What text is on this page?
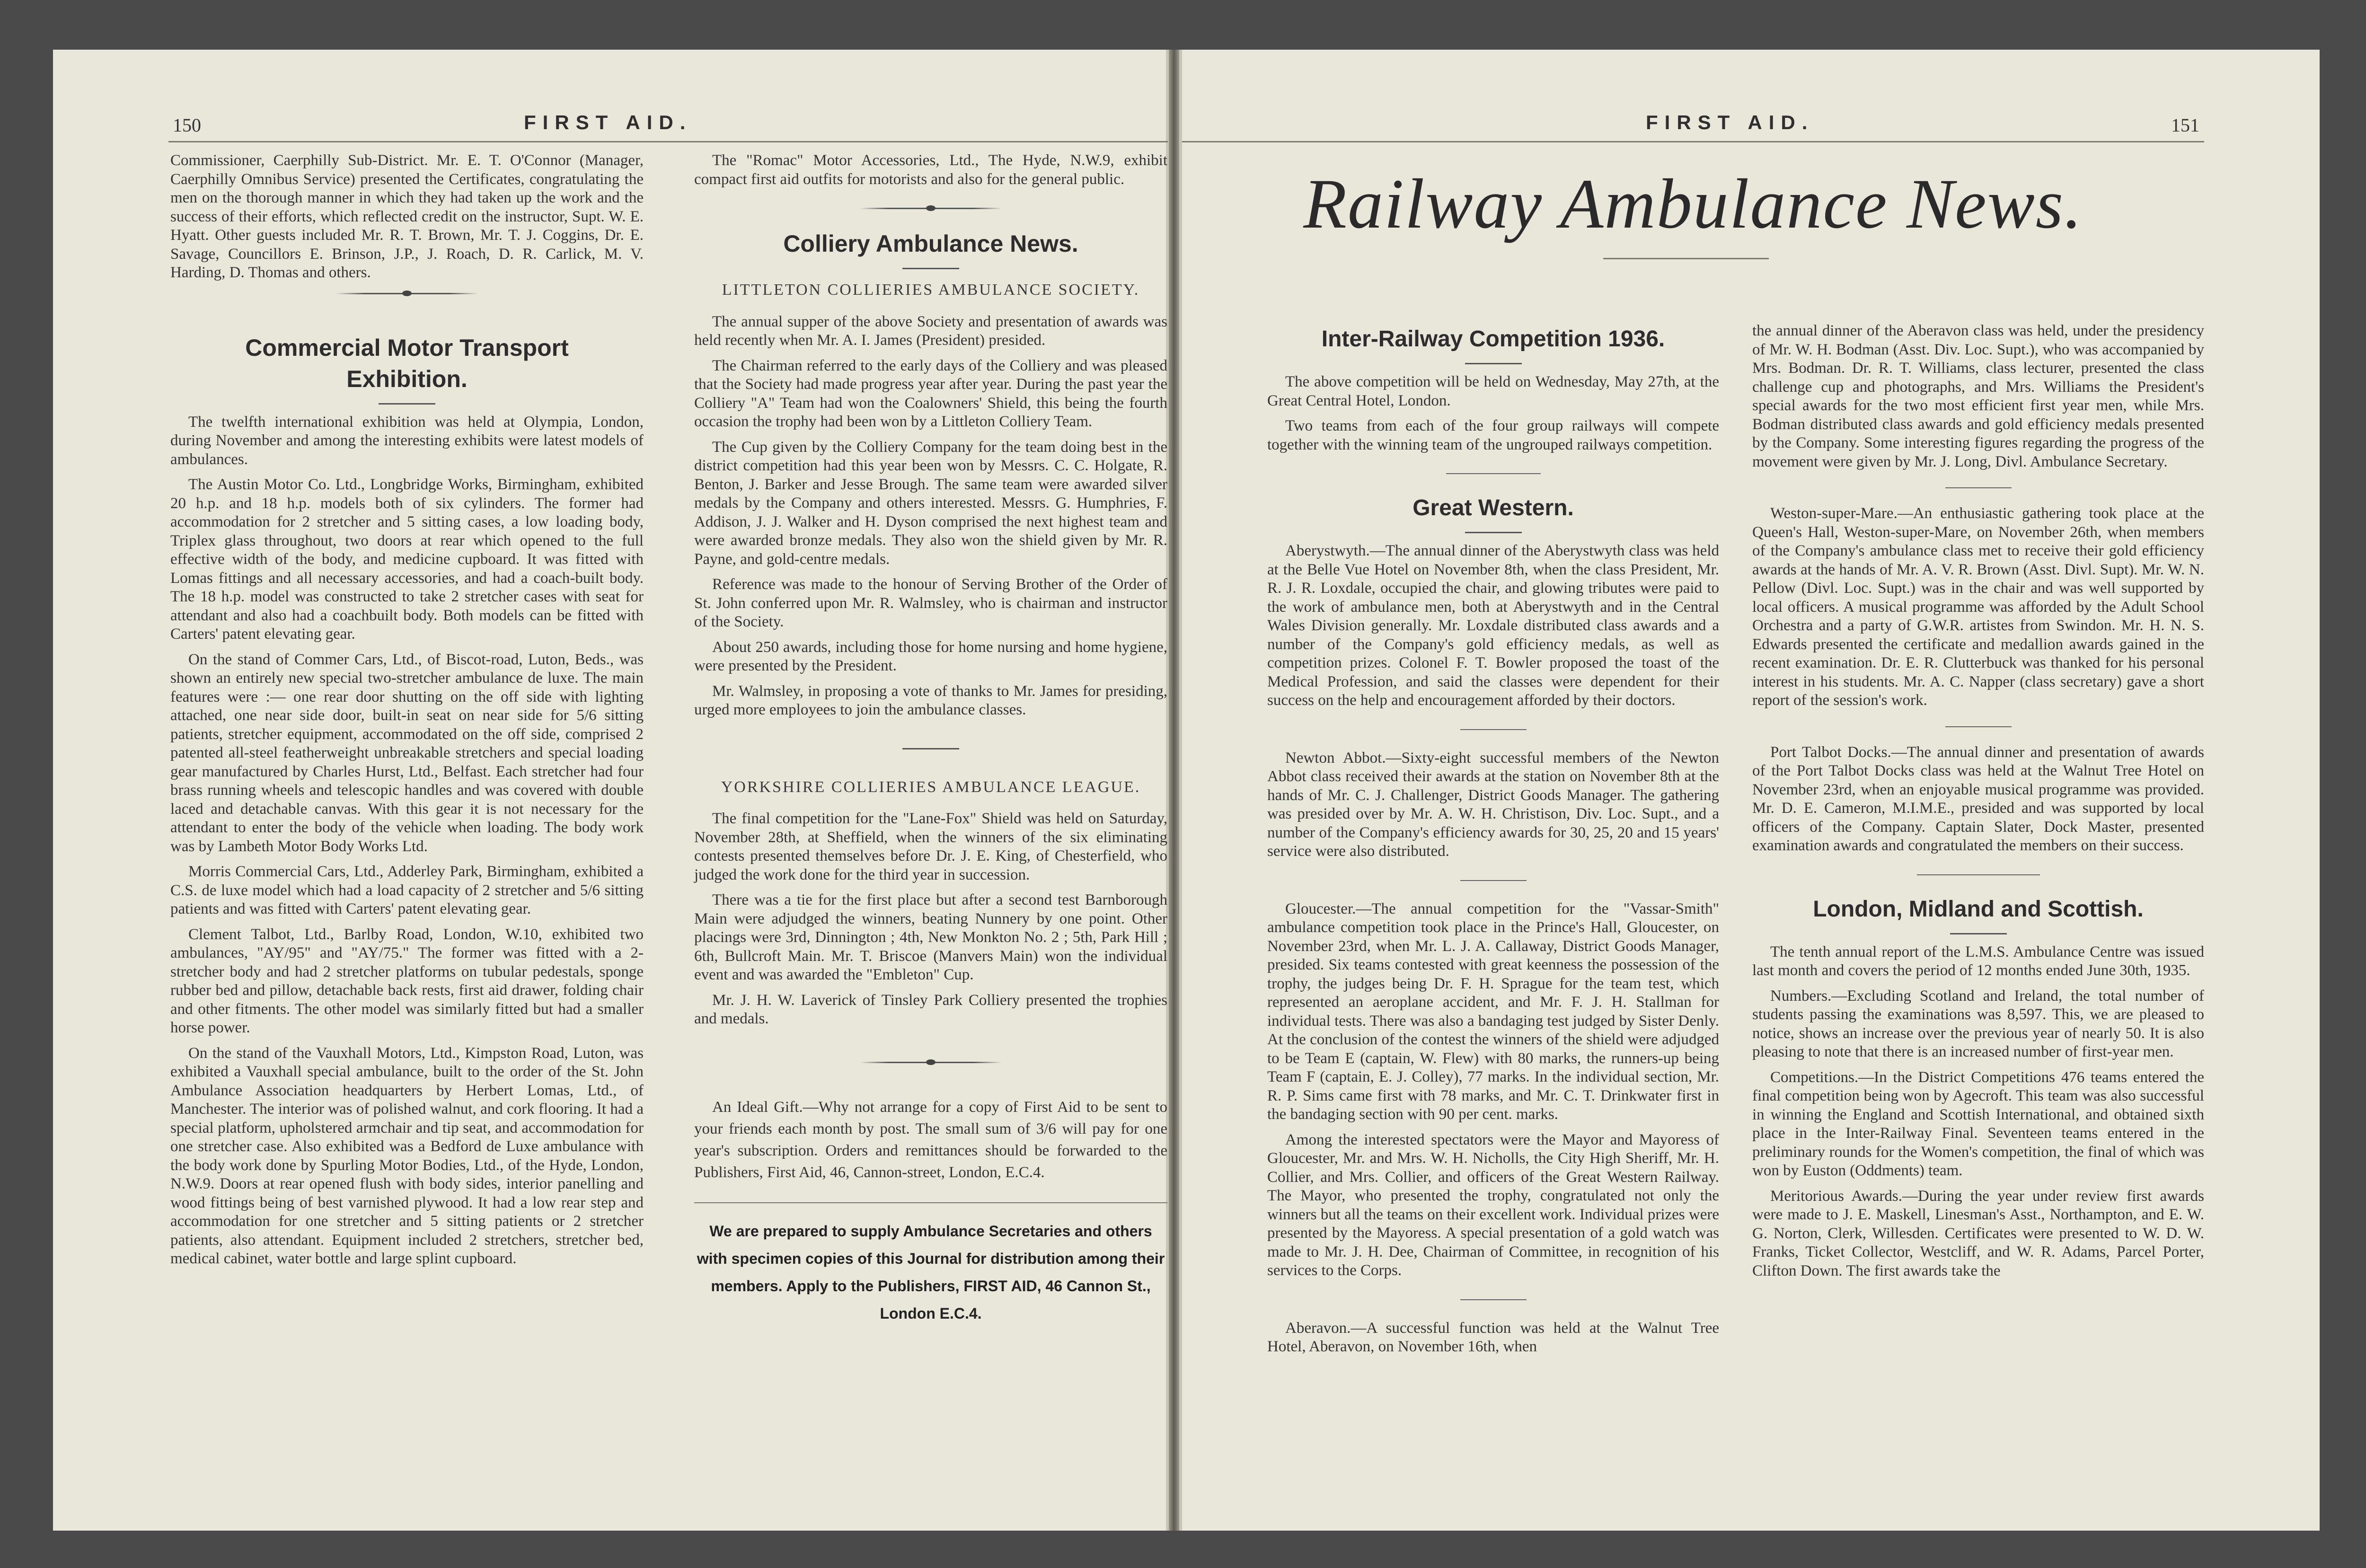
150	FIRST AID.

Commissioner, Caerphilly Sub-District. Mr. E. T. O'Connor (Manager, Caerphilly Omnibus Service) presented the Certificates, congratulating the men on the thorough manner in which they had taken up the work and the success of their efforts, which reflected credit on the instructor, Supt. W. E. Hyatt. Other guests included Mr. R. T. Brown, Mr. T. J. Coggins, Dr. E. Savage, Councillors E. Brinson, J.P., J. Roach, D. R. Carlick, M. V. Harding, D. Thomas and others.

Commercial Motor Transport Exhibition.

The twelfth international exhibition was held at Olympia, London, during November and among the interesting exhibits were latest models of ambulances.

The Austin Motor Co. Ltd., Longbridge Works, Birmingham, exhibited 20 h.p. and 18 h.p. models both of six cylinders. The former had accommodation for 2 stretcher and 5 sitting cases, a low loading body, Triplex glass throughout, two doors at rear which opened to the full effective width of the body, and medicine cupboard. It was fitted with Lomas fittings and all necessary accessories, and had a coach-built body. The 18 h.p. model was constructed to take 2 stretcher cases with seat for attendant and also had a coachbuilt body. Both models can be fitted with Carters' patent elevating gear.

On the stand of Commer Cars, Ltd., of Biscot-road, Luton, Beds., was shown an entirely new special two-stretcher ambulance de luxe. The main features were :— one rear door shutting on the off side with lighting attached, one near side door, built-in seat on near side for 5/6 sitting patients, stretcher equipment, accommodated on the off side, comprised 2 patented all-steel featherweight unbreakable stretchers and special loading gear manufactured by Charles Hurst, Ltd., Belfast. Each stretcher had four brass running wheels and telescopic handles and was covered with double laced and detachable canvas. With this gear it is not necessary for the attendant to enter the body of the vehicle when loading. The body work was by Lambeth Motor Body Works Ltd.

Morris Commercial Cars, Ltd., Adderley Park, Birmingham, exhibited a C.S. de luxe model which had a load capacity of 2 stretcher and 5/6 sitting patients and was fitted with Carters' patent elevating gear.

Clement Talbot, Ltd., Barlby Road, London, W.10, exhibited two ambulances, "AY/95" and "AY/75." The former was fitted with a 2-stretcher body and had 2 stretcher platforms on tubular pedestals, sponge rubber bed and pillow, detachable back rests, first aid drawer, folding chair and other fitments. The other model was similarly fitted but had a smaller horse power.

On the stand of the Vauxhall Motors, Ltd., Kimpston Road, Luton, was exhibited a Vauxhall special ambulance, built to the order of the St. John Ambulance Association headquarters by Herbert Lomas, Ltd., of Manchester. The interior was of polished walnut, and cork flooring. It had a special platform, upholstered armchair and tip seat, and accommodation for one stretcher case. Also exhibited was a Bedford de Luxe ambulance with the body work done by Spurling Motor Bodies, Ltd., of the Hyde, London, N.W.9. Doors at rear opened flush with body sides, interior panelling and wood fittings being of best varnished plywood. It had a low rear step and accommodation for one stretcher and 5 sitting patients or 2 stretcher patients, also attendant. Equipment included 2 stretchers, stretcher bed, medical cabinet, water bottle and large splint cupboard.

The "Romac" Motor Accessories, Ltd., The Hyde, N.W.9, exhibit compact first aid outfits for motorists and also for the general public.

Colliery Ambulance News.
LITTLETON COLLIERIES AMBULANCE SOCIETY.

The annual supper of the above Society and presentation of awards was held recently when Mr. A. I. James (President) presided.

The Chairman referred to the early days of the Colliery and was pleased that the Society had made progress year after year. During the past year the Colliery "A" Team had won the Coalowners' Shield, this being the fourth occasion the trophy had been won by a Littleton Colliery Team.

The Cup given by the Colliery Company for the team doing best in the district competition had this year been won by Messrs. C. C. Holgate, R. Benton, J. Barker and Jesse Brough. The same team were awarded silver medals by the Company and others interested. Messrs. G. Humphries, F. Addison, J. J. Walker and H. Dyson comprised the next highest team and were awarded bronze medals. They also won the shield given by Mr. R. Payne, and gold-centre medals.

Reference was made to the honour of Serving Brother of the Order of St. John conferred upon Mr. R. Walmsley, who is chairman and instructor of the Society.

About 250 awards, including those for home nursing and home hygiene, were presented by the President.

Mr. Walmsley, in proposing a vote of thanks to Mr. James for presiding, urged more employees to join the ambulance classes.

YORKSHIRE COLLIERIES AMBULANCE LEAGUE.

The final competition for the "Lane-Fox" Shield was held on Saturday, November 28th, at Sheffield, when the winners of the six eliminating contests presented themselves before Dr. J. E. King, of Chesterfield, who judged the work done for the third year in succession.

There was a tie for the first place but after a second test Barnborough Main were adjudged the winners, beating Nunnery by one point. Other placings were 3rd, Dinnington ; 4th, New Monkton No. 2 ; 5th, Park Hill ; 6th, Bullcroft Main. Mr. T. Briscoe (Manvers Main) won the individual event and was awarded the "Embleton" Cup.

Mr. J. H. W. Laverick of Tinsley Park Colliery presented the trophies and medals.

An Ideal Gift.—Why not arrange for a copy of First Aid to be sent to your friends each month by post. The small sum of 3/6 will pay for one year's subscription. Orders and remittances should be forwarded to the Publishers, First Aid, 46, Cannon-street, London, E.C.4.

We are prepared to supply Ambulance Secretaries and others with specimen copies of this Journal for distribution among their members. Apply to the Publishers, FIRST AID, 46 Cannon St., London E.C.4.
FIRST AID.	151
Railway Ambulance News.
Inter-Railway Competition 1936.

The above competition will be held on Wednesday, May 27th, at the Great Central Hotel, London.

Two teams from each of the four group railways will compete together with the winning team of the ungrouped railways competition.

Great Western.

Aberystwyth.—The annual dinner of the Aberystwyth class was held at the Belle Vue Hotel on November 8th, when the class President, Mr. R. J. R. Loxdale, occupied the chair, and glowing tributes were paid to the work of ambulance men, both at Aberystwyth and in the Central Wales Division generally. Mr. Loxdale distributed class awards and a number of the Company's gold efficiency medals, as well as competition prizes. Colonel F. T. Bowler proposed the toast of the Medical Profession, and said the classes were dependent for their success on the help and encouragement afforded by their doctors.

Newton Abbot.—Sixty-eight successful members of the Newton Abbot class received their awards at the station on November 8th at the hands of Mr. C. J. Challenger, District Goods Manager. The gathering was presided over by Mr. A. W. H. Christison, Div. Loc. Supt., and a number of the Company's efficiency awards for 30, 25, 20 and 15 years' service were also distributed.

Gloucester.—The annual competition for the "Vassar-Smith" ambulance competition took place in the Prince's Hall, Gloucester, on November 23rd, when Mr. L. J. A. Callaway, District Goods Manager, presided. Six teams contested with great keenness the possession of the trophy, the judges being Dr. F. H. Sprague for the team test, which represented an aeroplane accident, and Mr. F. J. H. Stallman for individual tests. There was also a bandaging test judged by Sister Denly. At the conclusion of the contest the winners of the shield were adjudged to be Team E (captain, W. Flew) with 80 marks, the runners-up being Team F (captain, E. J. Colley), 77 marks. In the individual section, Mr. R. P. Sims came first with 78 marks, and Mr. C. T. Drinkwater first in the bandaging section with 90 per cent. marks.

Among the interested spectators were the Mayor and Mayoress of Gloucester, Mr. and Mrs. W. H. Nicholls, the City High Sheriff, Mr. H. Collier, and Mrs. Collier, and officers of the Great Western Railway. The Mayor, who presented the trophy, congratulated not only the winners but all the teams on their excellent work. Individual prizes were presented by the Mayoress. A special presentation of a gold watch was made to Mr. J. H. Dee, Chairman of Committee, in recognition of his services to the Corps.

Aberavon.—A successful function was held at the Walnut Tree Hotel, Aberavon, on November 16th, when

the annual dinner of the Aberavon class was held, under the presidency of Mr. W. H. Bodman (Asst. Div. Loc. Supt.), who was accompanied by Mrs. Bodman. Dr. R. T. Williams, class lecturer, presented the class challenge cup and photographs, and Mrs. Williams the President's special awards for the two most efficient first year men, while Mrs. Bodman distributed class awards and gold efficiency medals presented by the Company. Some interesting figures regarding the progress of the movement were given by Mr. J. Long, Divl. Ambulance Secretary.

Weston-super-Mare.—An enthusiastic gathering took place at the Queen's Hall, Weston-super-Mare, on November 26th, when members of the Company's ambulance class met to receive their gold efficiency awards at the hands of Mr. A. V. R. Brown (Asst. Divl. Supt). Mr. W. N. Pellow (Divl. Loc. Supt.) was in the chair and was well supported by local officers. A musical programme was afforded by the Adult School Orchestra and a party of G.W.R. artistes from Swindon. Mr. H. N. S. Edwards presented the certificate and medallion awards gained in the recent examination. Dr. E. R. Clutterbuck was thanked for his personal interest in his students. Mr. A. C. Napper (class secretary) gave a short report of the session's work.

Port Talbot Docks.—The annual dinner and presentation of awards of the Port Talbot Docks class was held at the Walnut Tree Hotel on November 23rd, when an enjoyable musical programme was provided. Mr. D. E. Cameron, M.I.M.E., presided and was supported by local officers of the Company. Captain Slater, Dock Master, presented examination awards and congratulated the members on their success.

London, Midland and Scottish.

The tenth annual report of the L.M.S. Ambulance Centre was issued last month and covers the period of 12 months ended June 30th, 1935.

Numbers.—Excluding Scotland and Ireland, the total number of students passing the examinations was 8,597. This, we are pleased to notice, shows an increase over the previous year of nearly 50. It is also pleasing to note that there is an increased number of first-year men.

Competitions.—In the District Competitions 476 teams entered the final competition being won by Agecroft. This team was also successful in winning the England and Scottish International, and obtained sixth place in the Inter-Railway Final. Seventeen teams entered in the preliminary rounds for the Women's competition, the final of which was won by Euston (Oddments) team.

Meritorious Awards.—During the year under review first awards were made to J. E. Maskell, Linesman's Asst., Northampton, and E. W. G. Norton, Clerk, Willesden. Certificates were presented to W. D. W. Franks, Ticket Collector, Westcliff, and W. R. Adams, Parcel Porter, Clifton Down. The first awards take the
